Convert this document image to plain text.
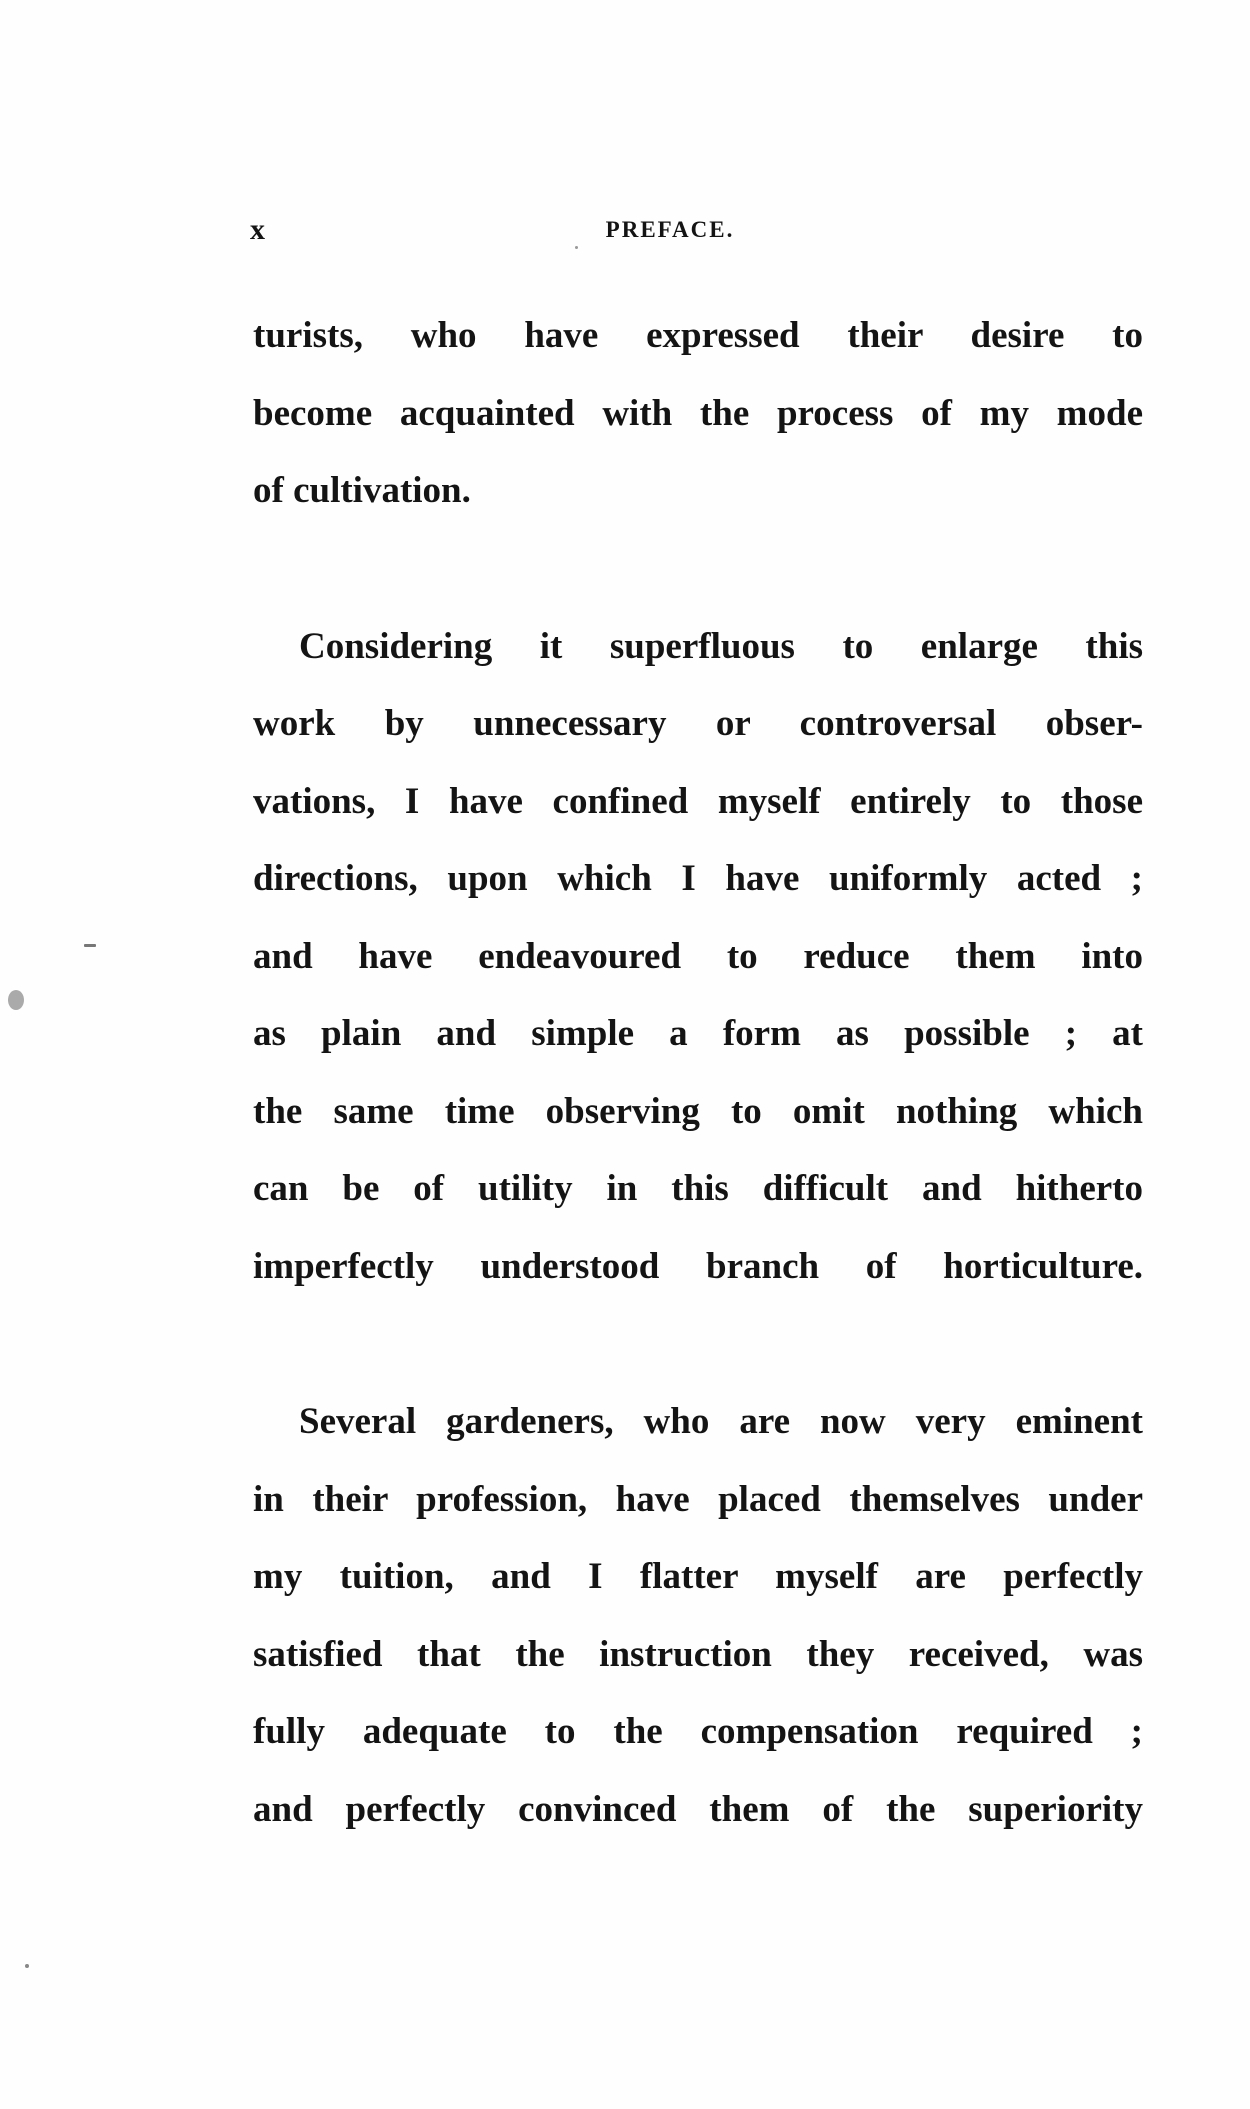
x	PREFACE.
turists, who have expressed their desire to
become acquainted with the process of my mode
of cultivation.
Considering it superfluous to enlarge this
work by unnecessary or controversal obser-
vations, I have confined myself entirely to those
directions, upon which I have uniformly acted ;
and have endeavoured to reduce them into
as plain and simple a form as possible ; at
the same time observing to omit nothing which
can be of utility in this difficult and hitherto
imperfectly understood branch of horticulture.
Several gardeners, who are now very eminent
in their profession, have placed themselves under
my tuition, and I flatter myself are perfectly
satisfied that the instruction they received, was
fully adequate to the compensation required ;
and perfectly convinced them of the superiority
